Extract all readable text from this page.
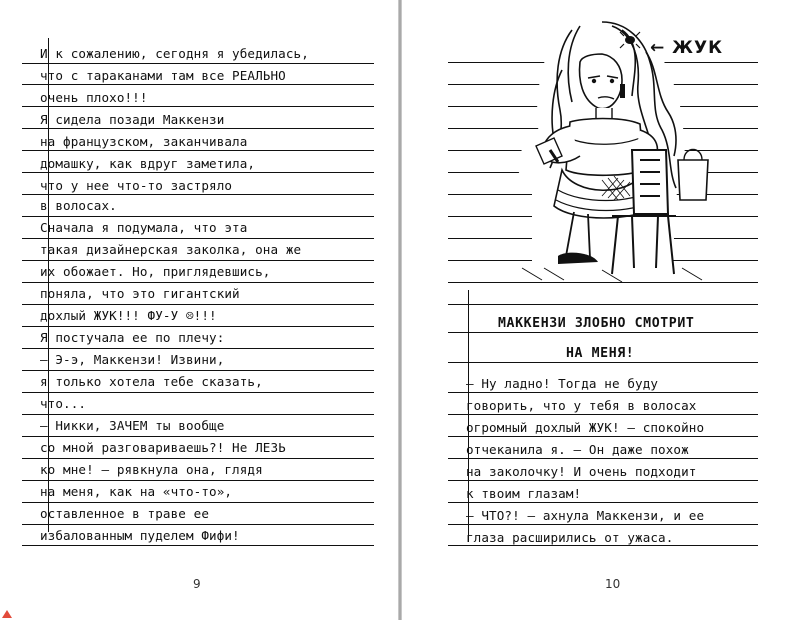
И к сожалению, сегодня я убедилась,
что с тараканами там все РЕАЛЬНО
очень плохо!!!
Я сидела позади Маккензи
на французском, заканчивала
домашку, как вдруг заметила,
что у нее что-то застряло
в волосах.
Сначала я подумала, что эта
такая дизайнерская заколка, она же
их обожает. Но, приглядевшись,
поняла, что это гигантский
дохлый ЖУК!!! ФУ-У ☹!!!
Я постучала ее по плечу:
— Э-э, Маккензи! Извини,
я только хотела тебе сказать,
что...
— Никки, ЗАЧЕМ ты вообще
со мной разговариваешь?! Не ЛЕЗЬ
ко мне! — рявкнула она, глядя
на меня, как на «что-то»,
оставленное в траве ее
избалованным пуделем Фифи!
9
← ЖУК
МАККЕНЗИ ЗЛОБНО СМОТРИТ
НА МЕНЯ!
— Ну ладно! Тогда не буду
говорить, что у тебя в волосах
огромный дохлый ЖУК! — спокойно
отчеканила я. — Он даже похож
на заколочку! И очень подходит
к твоим глазам!
— ЧТО?! — ахнула Маккензи, и ее
глаза расширились от ужаса.
10
